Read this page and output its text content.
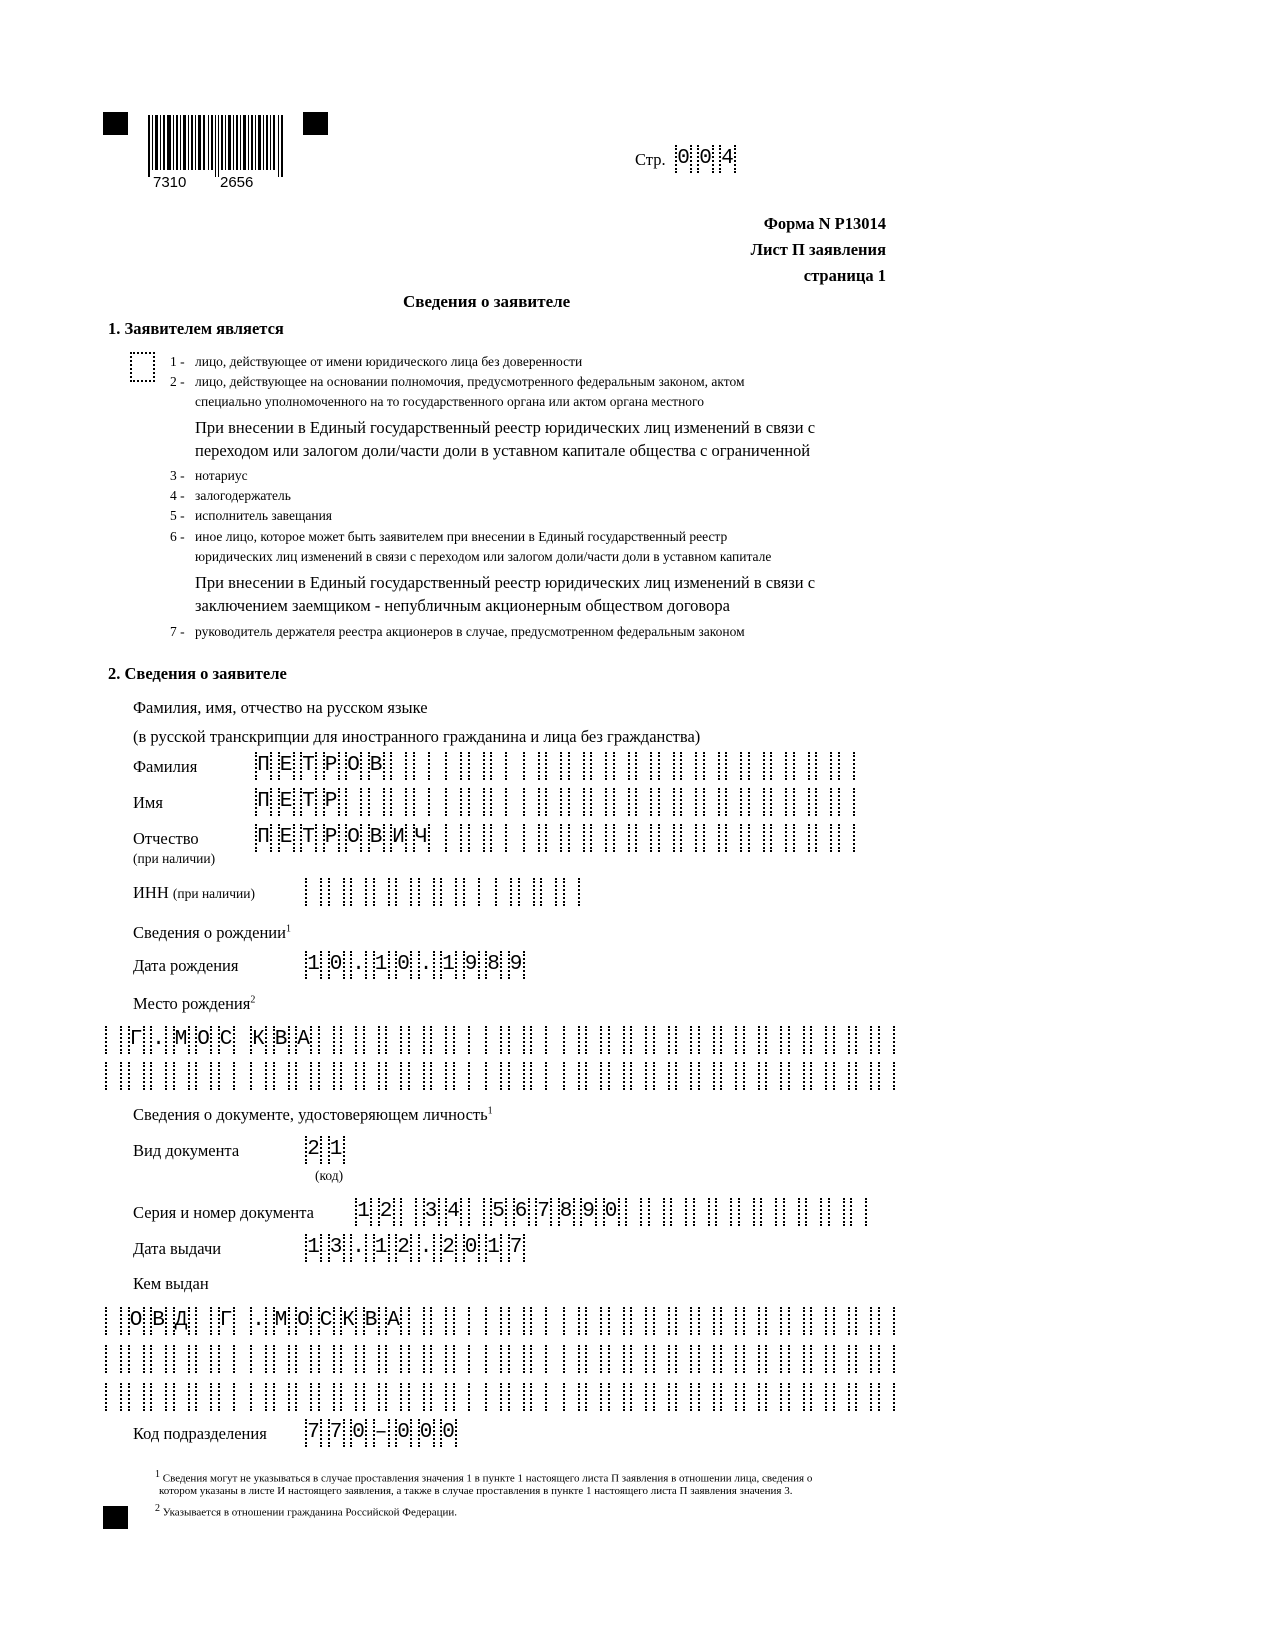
7310 2656
Стр. 0 0 4
Форма N Р13014
Лист П заявления
страница 1
Сведения о заявителе
1. Заявителем является
1 - лицо, действующее от имени юридического лица без доверенности
2 - лицо, действующее на основании полномочия, предусмотренного федеральным законом, актом
специально уполномоченного на то государственного органа или актом органа местного
При внесении в Единый государственный реестр юридических лиц изменений в связи с
переходом или залогом доли/части доли в уставном капитале общества с ограниченной
3 - нотариус
4 - залогодержатель
5 - исполнитель завещания
6 - иное лицо, которое может быть заявителем при внесении в Единый государственный реестр
юридических лиц изменений в связи с переходом или залогом доли/части доли в уставном капитале
При внесении в Единый государственный реестр юридических лиц изменений в связи с
заключением заемщиком - непубличным акционерным обществом договора
7 - руководитель держателя реестра акционеров в случае, предусмотренном федеральным законом
2. Сведения о заявителе
Фамилия, имя, отчество на русском языке
(в русской транскрипции для иностранного гражданина и лица без гражданства)
Фамилия	П Е Т Р О В
Имя	П Е Т Р
Отчество
(при наличии)
П Е Т Р О В И Ч
ИНН (при наличии)
Сведения о рождении$^1$
Дата рождения	1 0 . 1 0 . 1 9 8 9
Место рождения$^2$
Г . М О С К В А
Сведения о документе, удостоверяющем личность$^1$
Вид документа	2 1
(код)
Серия и номер документа 1 2 3 4 5 6 7 8 9 0
Дата выдачи	1 3 . 1 2 . 2 0 1 7
Кем выдан
О В Д Г . М О С К В А
Код подразделения 7 7 0 – 0 0 0
1 Сведения могут не указываться в случае проставления значения 1 в пункте 1 настоящего листа П заявления в отношении лица, сведения о
котором указаны в листе И настоящего заявления, а также в случае проставления в пункте 1 настоящего листа П заявления значения 3.
2 Указывается в отношении гражданина Российской Федерации.
